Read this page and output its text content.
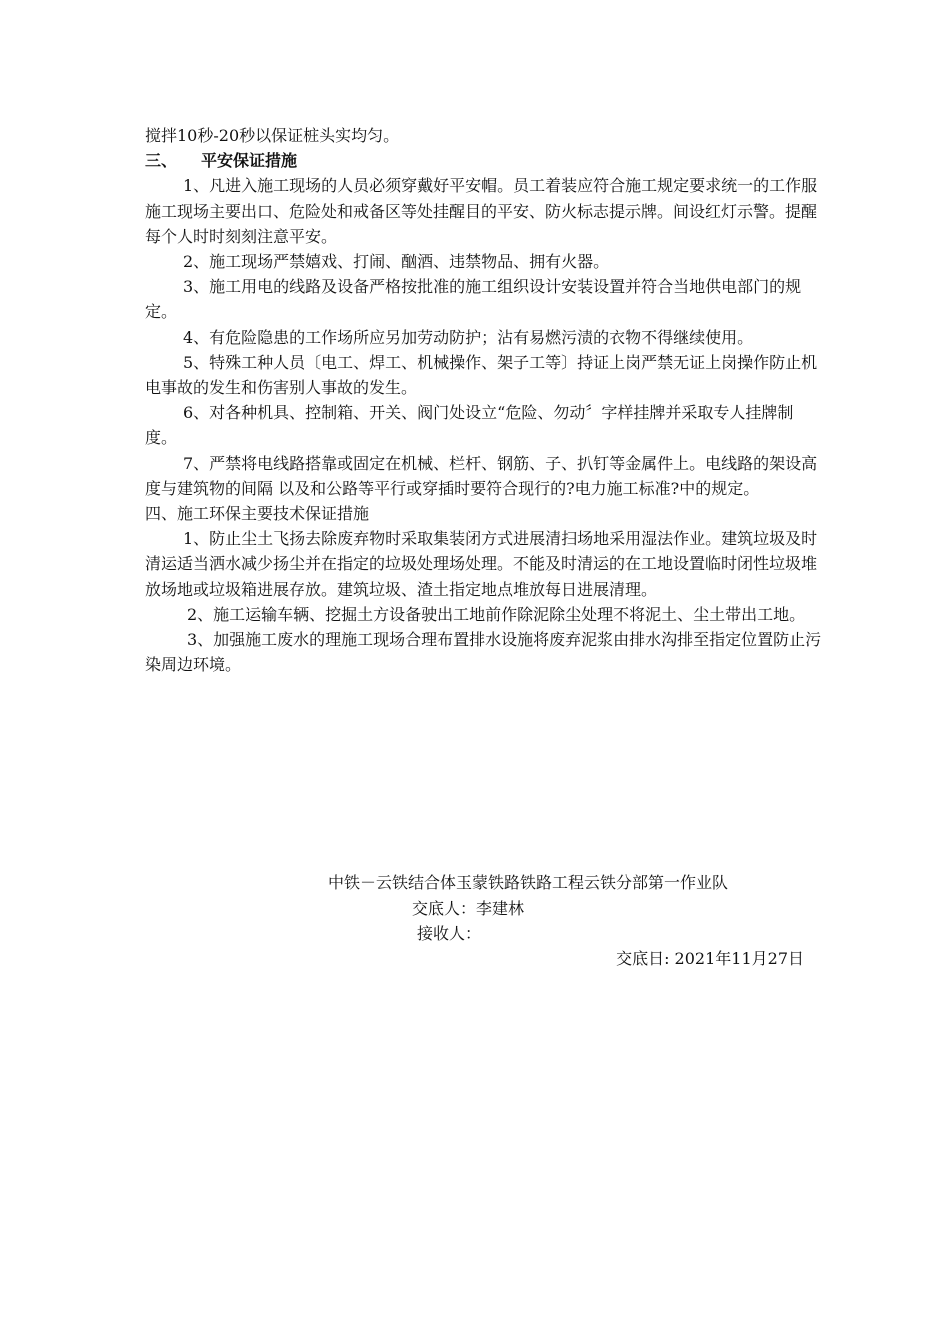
搅拌10秒-20秒以保证桩头实均匀。

三、 平安保证措施

1、凡进入施工现场的人员必须穿戴好平安帽。员工着装应符合施工规定要求统一的工作服施工现场主要出口、危险处和戒备区等处挂醒目的平安、防火标志提示牌。间设红灯示警。提醒每个人时时刻刻注意平安。

2、施工现场严禁嬉戏、打闹、酗酒、违禁物品、拥有火器。

3、施工用电的线路及设备严格按批准的施工组织设计安装设置并符合当地供电部门的规定。

4、有危险隐患的工作场所应另加劳动防护；沾有易燃污渍的衣物不得继续使用。

5、特殊工种人员〔电工、焊工、机械操作、架子工等〕持证上岗严禁无证上岗操作防止机电事故的发生和伤害别人事故的发生。

6、对各种机具、控制箱、开关、阀门处设立“危险、勿动〞字样挂牌并采取专人挂牌制度。

7、严禁将电线路搭靠或固定在机械、栏杆、钢筋、子、扒钉等金属件上。电线路的架设高度与建筑物的间隔 以及和公路等平行或穿插时要符合现行的?电力施工标准?中的规定。

四、施工环保主要技术保证措施

1、防止尘土飞扬去除废弃物时采取集装闭方式进展清扫场地采用湿法作业。建筑垃圾及时清运适当洒水减少扬尘并在指定的垃圾处理场处理。不能及时清运的在工地设置临时闭性垃圾堆放场地或垃圾箱进展存放。建筑垃圾、渣土指定地点堆放每日进展清理。

2、施工运输车辆、挖掘土方设备驶出工地前作除泥除尘处理不将泥土、尘土带出工地。

3、加强施工废水的理施工现场合理布置排水设施将废弃泥浆由排水沟排至指定位置防止污染周边环境。

中铁－云铁结合体玉蒙铁路铁路工程云铁分部第一作业队
交底人：李建林
接收人：
交底日: 2021年11月27日
